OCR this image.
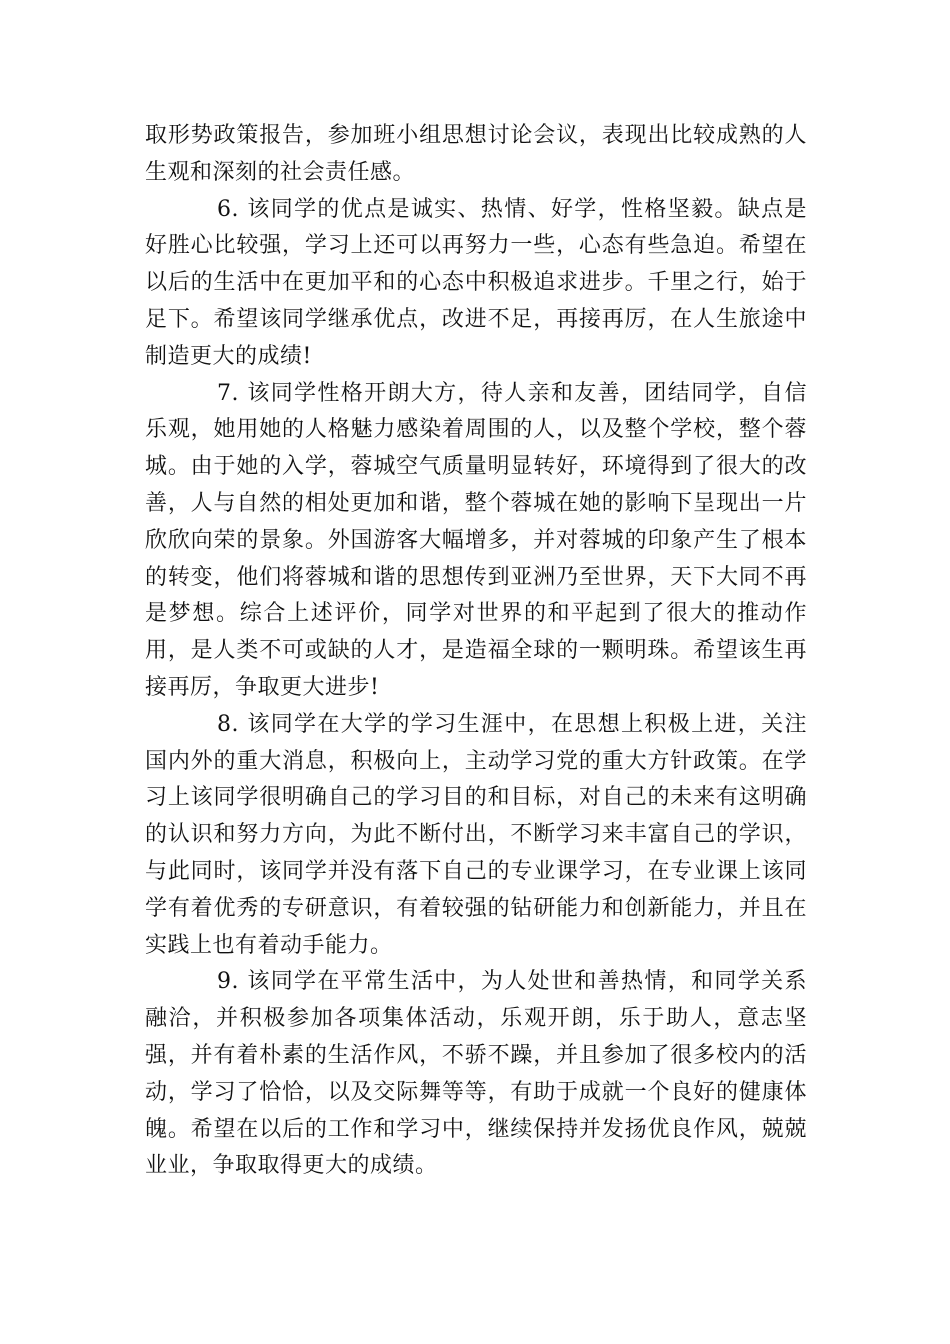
取形势政策报告，参加班小组思想讨论会议，表现出比较成熟的人生观和深刻的社会责任感。

6. 该同学的优点是诚实、热情、好学，性格坚毅。缺点是好胜心比较强，学习上还可以再努力一些，心态有些急迫。希望在以后的生活中在更加平和的心态中积极追求进步。千里之行，始于足下。希望该同学继承优点，改进不足，再接再厉，在人生旅途中制造更大的成绩!

7. 该同学性格开朗大方，待人亲和友善，团结同学，自信乐观，她用她的人格魅力感染着周围的人，以及整个学校，整个蓉城。由于她的入学，蓉城空气质量明显转好，环境得到了很大的改善，人与自然的相处更加和谐，整个蓉城在她的影响下呈现出一片欣欣向荣的景象。外国游客大幅增多，并对蓉城的印象产生了根本的转变，他们将蓉城和谐的思想传到亚洲乃至世界，天下大同不再是梦想。综合上述评价，同学对世界的和平起到了很大的推动作用，是人类不可或缺的人才，是造福全球的一颗明珠。希望该生再接再厉，争取更大进步!

8. 该同学在大学的学习生涯中，在思想上积极上进，关注国内外的重大消息，积极向上，主动学习党的重大方针政策。在学习上该同学很明确自己的学习目的和目标，对自己的未来有这明确的认识和努力方向，为此不断付出，不断学习来丰富自己的学识，与此同时，该同学并没有落下自己的专业课学习，在专业课上该同学有着优秀的专研意识，有着较强的钻研能力和创新能力，并且在实践上也有着动手能力。

9. 该同学在平常生活中，为人处世和善热情，和同学关系融洽，并积极参加各项集体活动，乐观开朗，乐于助人，意志坚强，并有着朴素的生活作风，不骄不躁，并且参加了很多校内的活动，学习了恰恰，以及交际舞等等，有助于成就一个良好的健康体魄。希望在以后的工作和学习中，继续保持并发扬优良作风，兢兢业业，争取取得更大的成绩。
